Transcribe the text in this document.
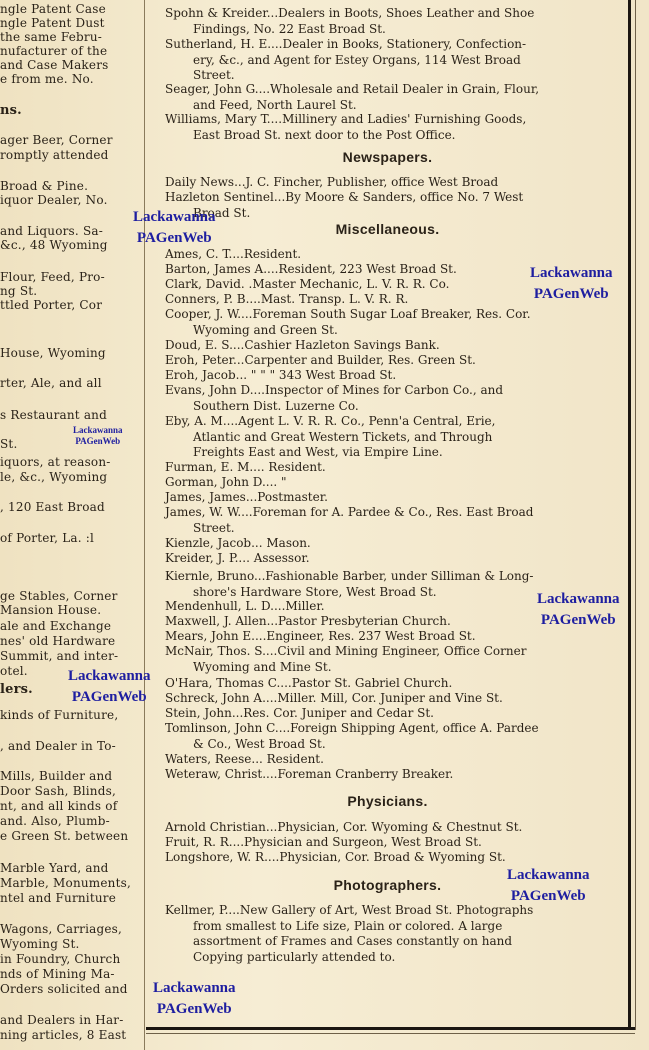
ngle Patent Case
ngle Patent Dust
the same Febru-
nufacturer of the
and Case Makers
e from me. No.
ns.
ager Beer, Corner
romptly attended
Broad & Pine.
iquor Dealer, No.
and Liquors. Sa-
&c., 48 Wyoming
Flour, Feed, Pro-
ng St.
ttled Porter, Cor
House, Wyoming
rter, Ale, and all
s Restaurant and
St.
iquors, at reason-
le, &c., Wyoming
, 120 East Broad
of Porter, La. :l
ge Stables, Corner
Mansion House.
ale and Exchange
nes' old Hardware
Summit, and inter-
otel.
lers.
kinds of Furniture,
, and Dealer in To-
Mills, Builder and
Door Sash, Blinds,
nt, and all kinds of
and. Also, Plumb-
e Green St. between
Marble Yard, and
Marble, Monuments,
ntel and Furniture
Wagons, Carriages,
Wyoming St.
in Foundry, Church
nds of Mining Ma-
Orders solicited and
and Dealers in Har-
ning articles, 8 East
Spohn & Kreider...Dealers in Boots, Shoes Leather and Shoe
Findings, No. 22 East Broad St.
Sutherland, H. E....Dealer in Books, Stationery, Confection-
ery, &c., and Agent for Estey Organs, 114 West Broad
Street.
Seager, John G....Wholesale and Retail Dealer in Grain, Flour,
and Feed, North Laurel St.
Williams, Mary T....Millinery and Ladies' Furnishing Goods,
East Broad St. next door to the Post Office.
Newspapers.
Daily News...J. C. Fincher, Publisher, office West Broad
Hazleton Sentinel...By Moore & Sanders, office No. 7 West
Broad St.
Miscellaneous.
Ames, C. T....Resident.
Barton, James A....Resident, 223 West Broad St.
Clark, David. .Master Mechanic, L. V. R. R. Co.
Conners, P. B....Mast. Transp. L. V. R. R.
Cooper, J. W....Foreman South Sugar Loaf Breaker, Res. Cor.
Wyoming and Green St.
Doud, E. S....Cashier Hazleton Savings Bank.
Eroh, Peter...Carpenter and Builder, Res. Green St.
Eroh, Jacob... " " " 343 West Broad St.
Evans, John D....Inspector of Mines for Carbon Co., and
Southern Dist. Luzerne Co.
Eby, A. M....Agent L. V. R. R. Co., Penn'a Central, Erie,
Atlantic and Great Western Tickets, and Through
Freights East and West, via Empire Line.
Furman, E. M.... Resident.
Gorman, John D.... "
James, James...Postmaster.
James, W. W....Foreman for A. Pardee & Co., Res. East Broad
Street.
Kienzle, Jacob... Mason.
Kreider, J. P.... Assessor.
Kiernle, Bruno...Fashionable Barber, under Silliman & Long-
shore's Hardware Store, West Broad St.
Mendenhull, L. D....Miller.
Maxwell, J. Allen...Pastor Presbyterian Church.
Mears, John E....Engineer, Res. 237 West Broad St.
McNair, Thos. S....Civil and Mining Engineer, Office Corner
Wyoming and Mine St.
O'Hara, Thomas C....Pastor St. Gabriel Church.
Schreck, John A....Miller. Mill, Cor. Juniper and Vine St.
Stein, John...Res. Cor. Juniper and Cedar St.
Tomlinson, John C....Foreign Shipping Agent, office A. Pardee
& Co., West Broad St.
Waters, Reese... Resident.
Weteraw, Christ....Foreman Cranberry Breaker.
Physicians.
Arnold Christian...Physician, Cor. Wyoming & Chestnut St.
Fruit, R. R....Physician and Surgeon, West Broad St.
Longshore, W. R....Physician, Cor. Broad & Wyoming St.
Photographers.
Kellmer, P....New Gallery of Art, West Broad St. Photographs
from smallest to Life size, Plain or colored. A large
assortment of Frames and Cases constantly on hand
Copying particularly attended to.
Lackawanna
PAGenWeb
Lackawanna
PAGenWeb
Lackawanna
PAGenWeb
Lackawanna
PAGenWeb
Lackawanna
PAGenWeb
Lackawanna
PAGenWeb
Lackawanna
PAGenWeb
